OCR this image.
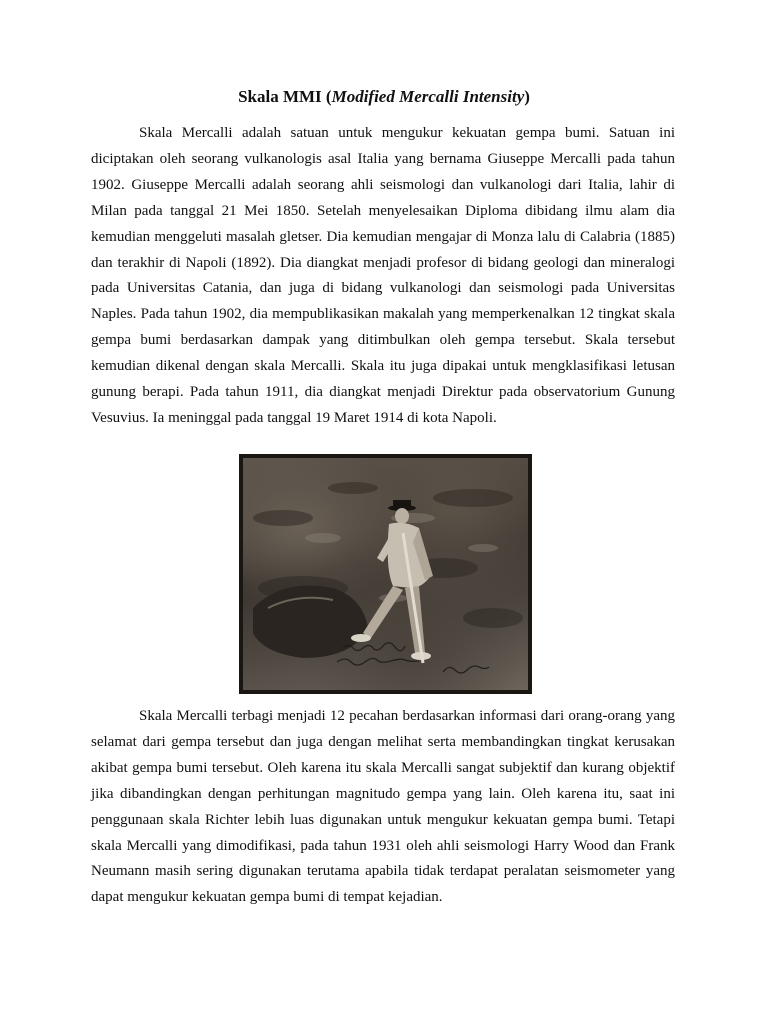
Skala MMI (Modified Mercalli Intensity)

Skala Mercalli adalah satuan untuk mengukur kekuatan gempa bumi. Satuan ini diciptakan oleh seorang vulkanologis asal Italia yang bernama Giuseppe Mercalli pada tahun 1902. Giuseppe Mercalli adalah seorang ahli seismologi dan vulkanologi dari Italia, lahir di Milan pada tanggal 21 Mei 1850. Setelah menyelesaikan Diploma dibidang ilmu alam dia kemudian menggeluti masalah gletser. Dia kemudian mengajar di Monza lalu di Calabria (1885) dan terakhir di Napoli (1892). Dia diangkat menjadi profesor di bidang geologi dan mineralogi pada Universitas Catania, dan juga di bidang vulkanologi dan seismologi pada Universitas Naples. Pada tahun 1902, dia mempublikasikan makalah yang memperkenalkan 12 tingkat skala gempa bumi berdasarkan dampak yang ditimbulkan oleh gempa tersebut. Skala tersebut kemudian dikenal dengan skala Mercalli. Skala itu juga dipakai untuk mengklasifikasi letusan gunung berapi. Pada tahun 1911, dia diangkat menjadi Direktur pada observatorium Gunung Vesuvius. Ia meninggal pada tanggal 19 Maret 1914 di kota Napoli.

Skala Mercalli terbagi menjadi 12 pecahan berdasarkan informasi dari orang-orang yang selamat dari gempa tersebut dan juga dengan melihat serta membandingkan tingkat kerusakan akibat gempa bumi tersebut. Oleh karena itu skala Mercalli sangat subjektif dan kurang objektif jika dibandingkan dengan perhitungan magnitudo gempa yang lain. Oleh karena itu, saat ini penggunaan skala Richter lebih luas digunakan untuk mengukur kekuatan gempa bumi. Tetapi skala Mercalli yang dimodifikasi, pada tahun 1931 oleh ahli seismologi Harry Wood dan Frank Neumann masih sering digunakan terutama apabila tidak terdapat peralatan seismometer yang dapat mengukur kekuatan gempa bumi di tempat kejadian.
